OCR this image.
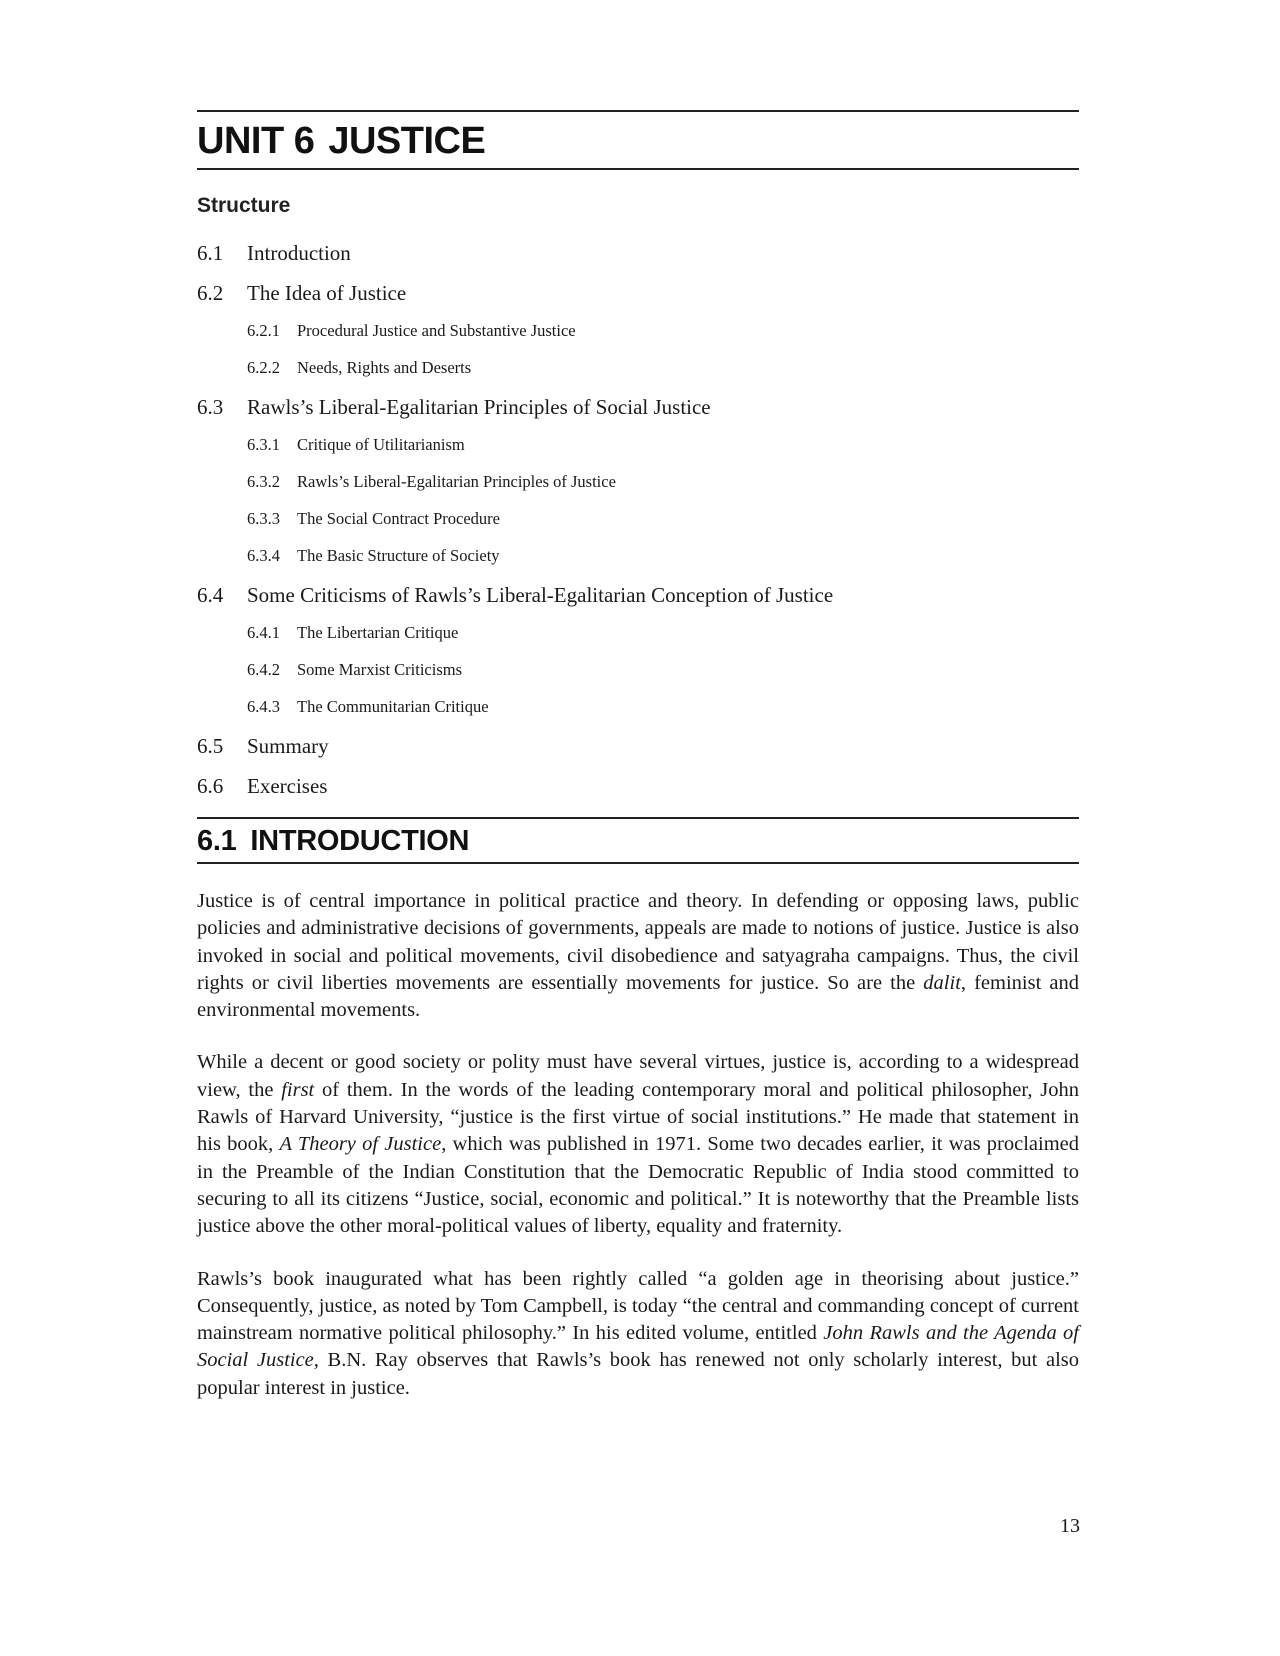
UNIT 6 JUSTICE
Structure
6.1	Introduction
6.2	The Idea of Justice
6.2.1	Procedural Justice and Substantive Justice
6.2.2	Needs, Rights and Deserts
6.3	Rawls’s Liberal-Egalitarian Principles of Social Justice
6.3.1	Critique of Utilitarianism
6.3.2	Rawls’s Liberal-Egalitarian Principles of Justice
6.3.3	The Social Contract Procedure
6.3.4	The Basic Structure of Society
6.4	Some Criticisms of Rawls’s Liberal-Egalitarian Conception of Justice
6.4.1	The Libertarian Critique
6.4.2	Some Marxist Criticisms
6.4.3	The Communitarian Critique
6.5	Summary
6.6	Exercises
6.1 INTRODUCTION

Justice is of central importance in political practice and theory. In defending or opposing laws, public policies and administrative decisions of governments, appeals are made to notions of justice. Justice is also invoked in social and political movements, civil disobedience and satyagraha campaigns. Thus, the civil rights or civil liberties movements are essentially movements for justice. So are the dalit, feminist and environmental movements.

While a decent or good society or polity must have several virtues, justice is, according to a widespread view, the first of them. In the words of the leading contemporary moral and political philosopher, John Rawls of Harvard University, “justice is the first virtue of social institutions.” He made that statement in his book, A Theory of Justice, which was published in 1971. Some two decades earlier, it was proclaimed in the Preamble of the Indian Constitution that the Democratic Republic of India stood committed to securing to all its citizens “Justice, social, economic and political.” It is noteworthy that the Preamble lists justice above the other moral-political values of liberty, equality and fraternity.

Rawls’s book inaugurated what has been rightly called “a golden age in theorising about justice.” Consequently, justice, as noted by Tom Campbell, is today “the central and commanding concept of current mainstream normative political philosophy.” In his edited volume, entitled John Rawls and the Agenda of Social Justice, B.N. Ray observes that Rawls’s book has renewed not only scholarly interest, but also popular interest in justice.

13
